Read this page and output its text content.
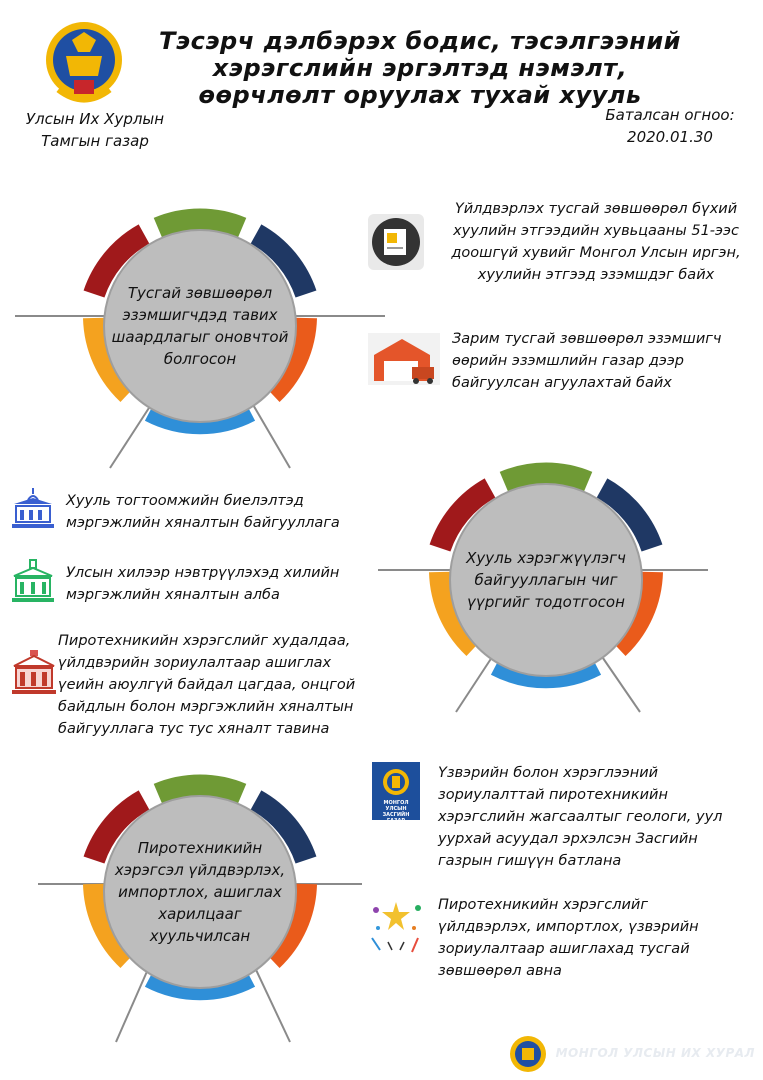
Тэсэрч дэлбэрэх бодис, тэсэлгээний
хэрэгслийн эргэлтэд нэмэлт,
өөрчлөлт оруулах тухай хууль
Улсын Их Хурлын
Тамгын газар
Баталсан огноо:
2020.01.30
Тусгай зөвшөөрөл эзэмшигчдэд тавих шаардлагыг оновчтой болгосон
Үйлдвэрлэх тусгай зөвшөөрөл бүхий хуулийн этгээдийн хувьцааны 51-ээс доошгүй хувийг Монгол Улсын иргэн, хуулийн этгээд эзэмшдэг байх
Зарим тусгай зөвшөөрөл эзэмшигч өөрийн эзэмшлийн газар дээр байгуулсан агуулахтай байх
Хууль хэрэгжүүлэгч байгууллагын чиг үүргийг тодотгосон
Хууль тогтоомжийн биелэлтэд мэргэжлийн хяналтын байгууллага
Улсын хилээр нэвтрүүлэхэд хилийн мэргэжлийн хяналтын алба
Пиротехникийн хэрэгслийг худалдаа, үйлдвэрийн зориулалтаар ашиглах үеийн аюулгүй байдал цагдаа, онцгой байдлын болон мэргэжлийн хяналтын байгууллага тус тус хяналт тавина
Пиротехникийн хэрэгсэл үйлдвэрлэх, импортлох, ашиглах харилцааг хуульчилсан
МОНГОЛ УЛСЫН ЗАСГИЙН ГАЗАР
Үзвэрийн болон хэрэглээний зориулалттай пиротехникийн хэрэгслийн жагсаалтыг геологи, уул уурхай асуудал эрхэлсэн Засгийн газрын гишүүн батлана
Пиротехникийн хэрэгслийг үйлдвэрлэх, импортлох, үзвэрийн зориулалтаар ашиглахад тусгай зөвшөөрөл авна
МОНГОЛ УЛСЫН ИХ ХУРАЛ
